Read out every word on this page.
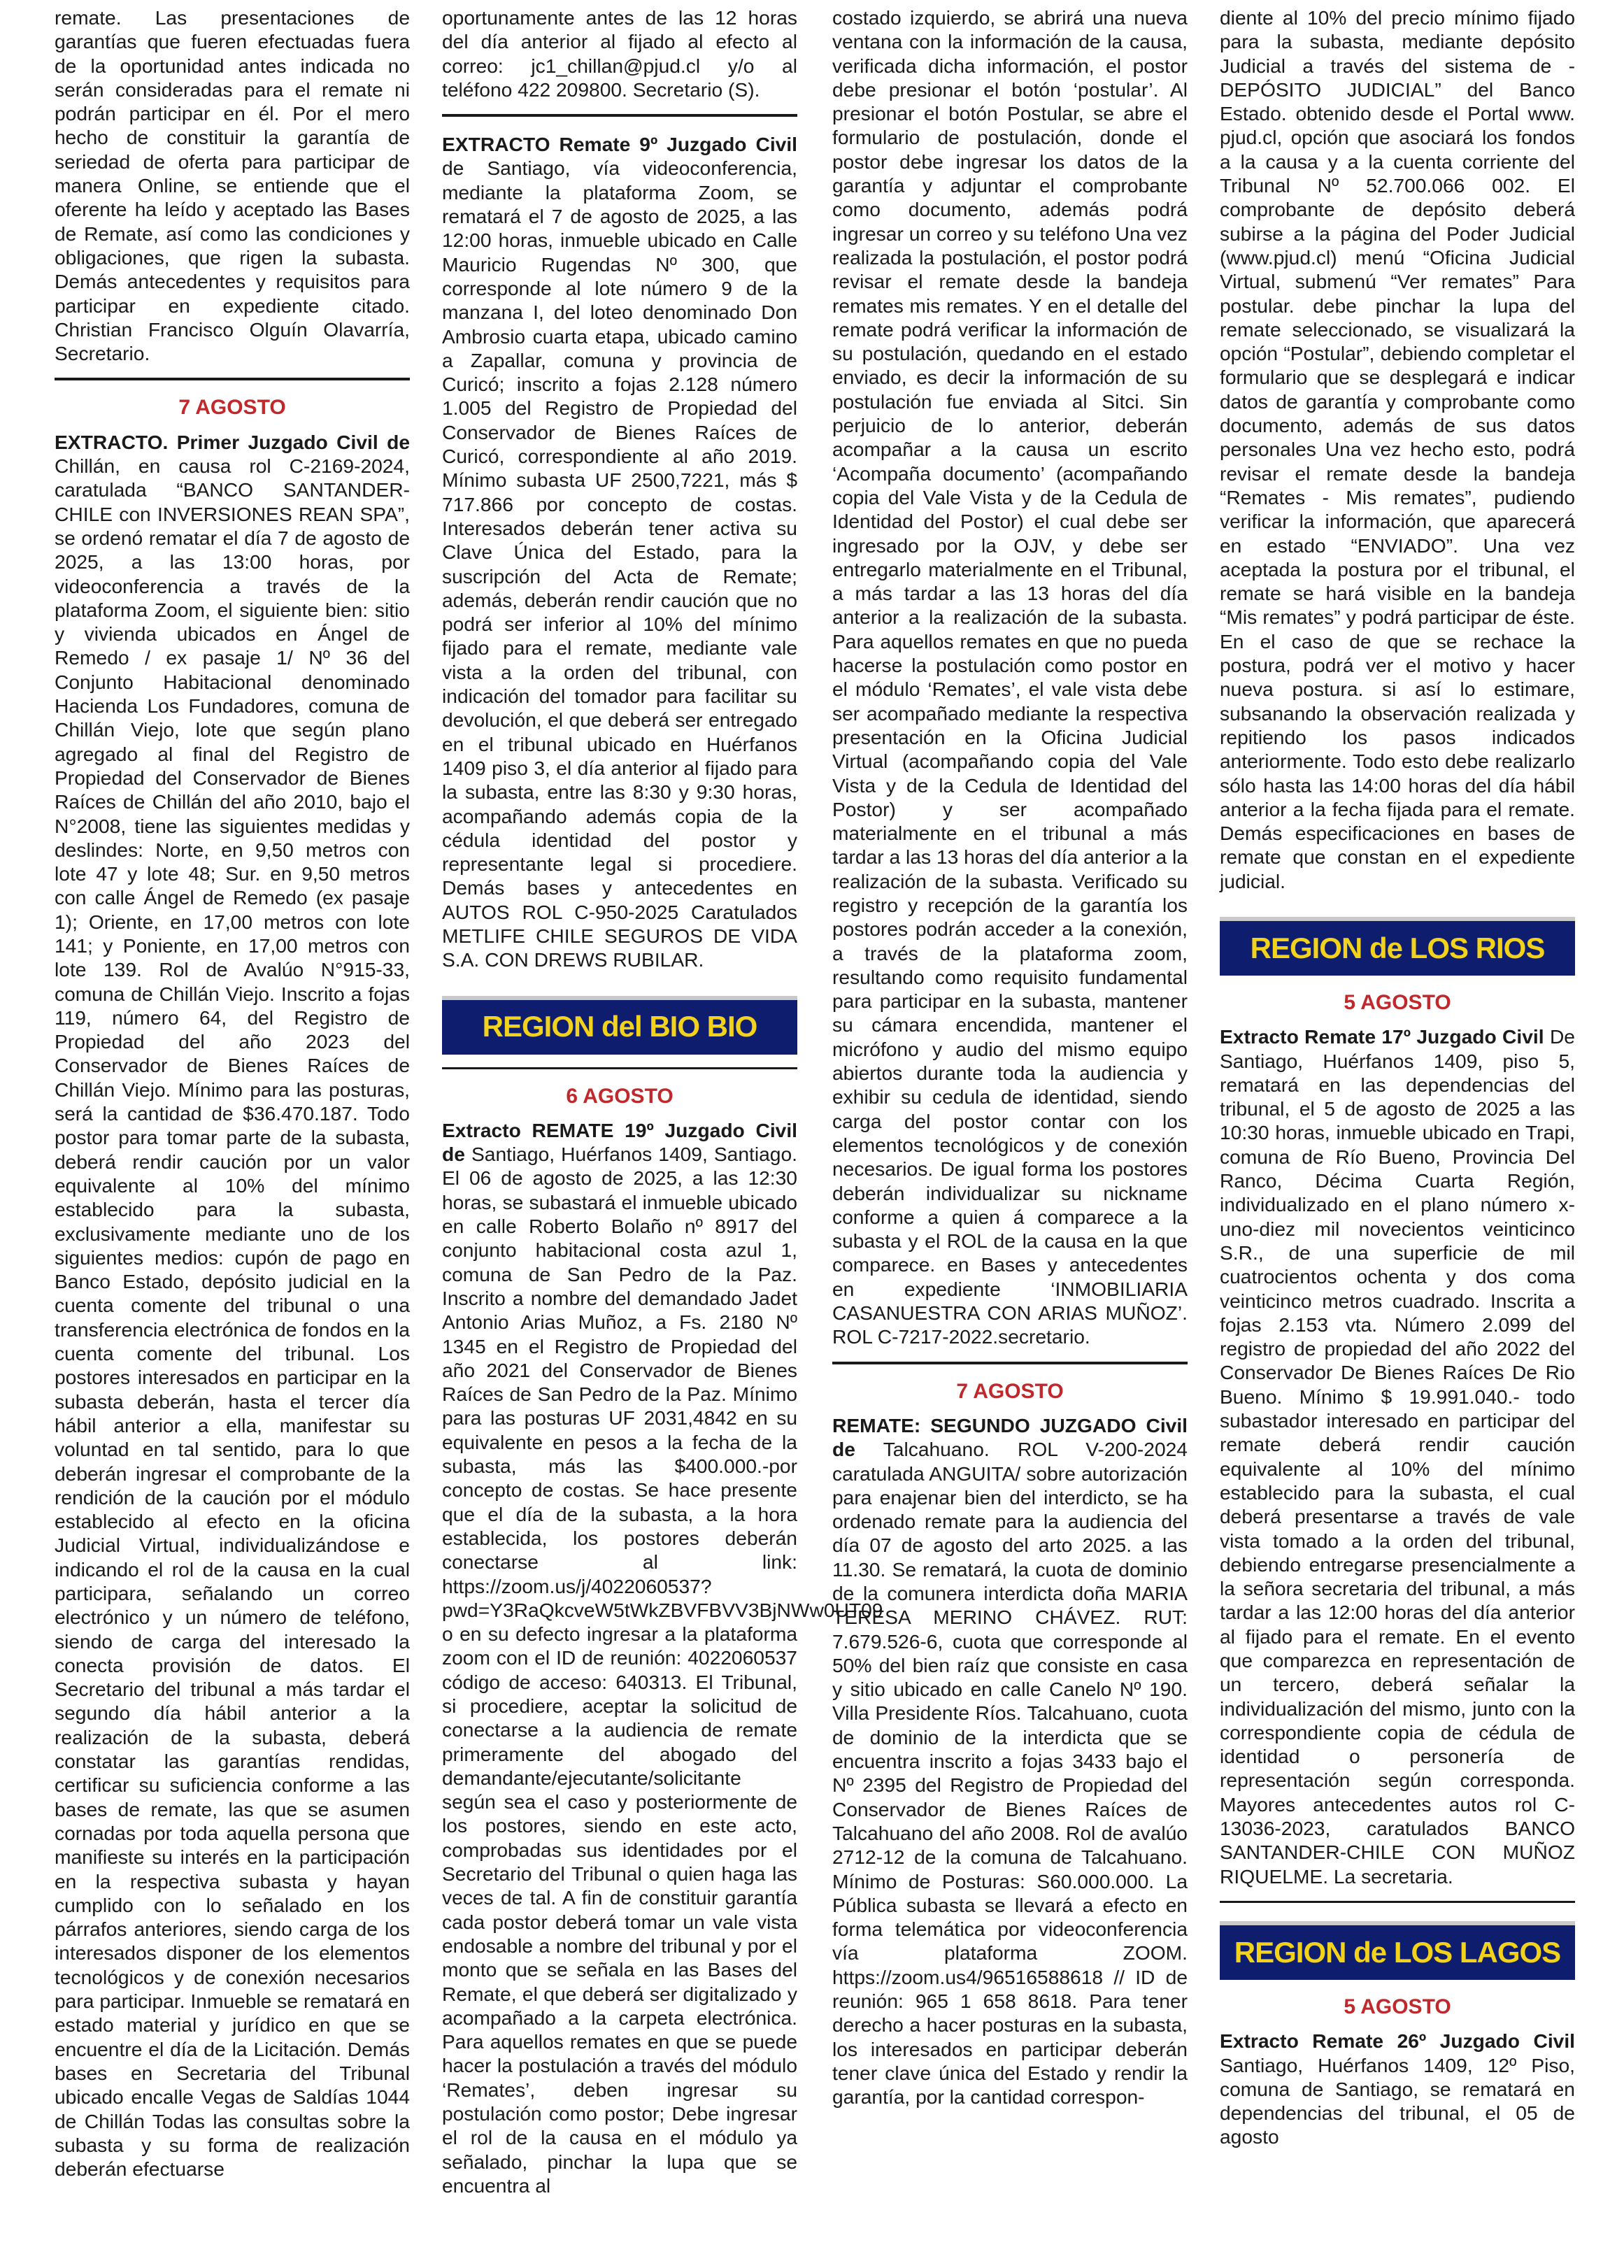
remate. Las presentaciones de garantías que fueren efectuadas fuera de la oportunidad antes indicada no serán consideradas para el remate ni podrán participar en él. Por el mero hecho de constituir la garantía de seriedad de oferta para participar de manera Online, se entiende que el oferente ha leído y aceptado las Bases de Remate, así como las condiciones y obligaciones, que rigen la subasta. Demás antecedentes y requisitos para participar en expediente citado. Christian Francisco Olguín Olavarría, Secretario.

7 AGOSTO

EXTRACTO. Primer Juzgado Civil de Chillán, en causa rol C-2169-2024, caratulada “BANCO SANTANDER- CHILE con INVERSIONES REAN SPA”, se ordenó rematar el día 7 de agosto de 2025, a las 13:00 horas, por videoconferencia a través de la plataforma Zoom, el siguiente bien: sitio y vivienda ubicados en Ángel de Remedo / ex pasaje 1/ Nº 36 del Conjunto Habitacional denominado Hacienda Los Fundadores, comuna de Chillán Viejo, lote que según plano agregado al final del Registro de Propiedad del Conservador de Bienes Raíces de Chillán del año 2010, bajo el N°2008, tiene las siguientes medidas y deslindes: Norte, en 9,50 metros con lote 47 y lote 48; Sur. en 9,50 metros con calle Ángel de Remedo (ex pasaje 1); Oriente, en 17,00 metros con lote 141; y Poniente, en 17,00 metros con lote 139. Rol de Avalúo N°915-33, comuna de Chillán Viejo. Inscrito a fojas 119, número 64, del Registro de Propiedad del año 2023 del Conservador de Bienes Raíces de Chillán Viejo. Mínimo para las posturas, será la cantidad de $36.470.187. Todo postor para tomar parte de la subasta, deberá rendir caución por un valor equivalente al 10% del mínimo establecido para la subasta, exclusivamente mediante uno de los siguientes medios: cupón de pago en Banco Estado, depósito judicial en la cuenta comente del tribunal o una transferencia electrónica de fondos en la cuenta comente del tribunal. Los postores interesados en participar en la subasta deberán, hasta el tercer día hábil anterior a ella, manifestar su voluntad en tal sentido, para lo que deberán ingresar el comprobante de la rendición de la caución por el módulo establecido al efecto en la oficina Judicial Virtual, individualizándose e indicando el rol de la causa en la cual participara, señalando un correo electrónico y un número de teléfono, siendo de carga del interesado la conecta provisión de datos. El Secretario del tribunal a más tardar el segundo día hábil anterior a la realización de la subasta, deberá constatar las garantías rendidas, certificar su suficiencia conforme a las bases de remate, las que se asumen cornadas por toda aquella persona que manifieste su interés en la participación en la respectiva subasta y hayan cumplido con lo señalado en los párrafos anteriores, siendo carga de los interesados disponer de los elementos tecnológicos y de conexión necesarios para participar. Inmueble se rematará en estado material y jurídico en que se encuentre el día de la Licitación. Demás bases en Secretaria del Tribunal ubicado encalle Vegas de Saldías 1044 de Chillán Todas las consultas sobre la subasta y su forma de realización deberán efectuarse

oportunamente antes de las 12 horas del día anterior al fijado al efecto al correo: jc1_chillan@pjud.cl y/o al teléfono 422 209800. Secretario (S).

EXTRACTO Remate 9º Juzgado Civil de Santiago, vía videoconferencia, mediante la plataforma Zoom, se rematará el 7 de agosto de 2025, a las 12:00 horas, inmueble ubicado en Calle Mauricio Rugendas Nº 300, que corresponde al lote número 9 de la manzana I, del loteo denominado Don Ambrosio cuarta etapa, ubicado camino a Zapallar, comuna y provincia de Curicó; inscrito a fojas 2.128 número 1.005 del Registro de Propiedad del Conservador de Bienes Raíces de Curicó, correspondiente al año 2019. Mínimo subasta UF 2500,7221, más $ 717.866 por concepto de costas. Interesados deberán tener activa su Clave Única del Estado, para la suscripción del Acta de Remate; además, deberán rendir caución que no podrá ser inferior al 10% del mínimo fijado para el remate, mediante vale vista a la orden del tribunal, con indicación del tomador para facilitar su devolución, el que deberá ser entregado en el tribunal ubicado en Huérfanos 1409 piso 3, el día anterior al fijado para la subasta, entre las 8:30 y 9:30 horas, acompañando además copia de la cédula identidad del postor y representante legal si procediere. Demás bases y antecedentes en AUTOS ROL C-950-2025 Caratulados METLIFE CHILE SEGUROS DE VIDA S.A. CON DREWS RUBILAR.

REGION del BIO BIO
6 AGOSTO

Extracto REMATE 19º Juzgado Civil de Santiago, Huérfanos 1409, Santiago. El 06 de agosto de 2025, a las 12:30 horas, se subastará el inmueble ubicado en calle Roberto Bolaño nº 8917 del conjunto habitacional costa azul 1, comuna de San Pedro de la Paz. Inscrito a nombre del demandado Jadet Antonio Arias Muñoz, a Fs. 2180 Nº 1345 en el Registro de Propiedad del año 2021 del Conservador de Bienes Raíces de San Pedro de la Paz. Mínimo para las posturas UF 2031,4842 en su equivalente en pesos a la fecha de la subasta, más las $400.000.-por concepto de costas. Se hace presente que el día de la subasta, a la hora establecida, los postores deberán conectarse al link: https://zoom.us/j/4022060537?pwd=Y3RaQkcveW5tWkZBVFBVV3BjNWw0UT09 o en su defecto ingresar a la plataforma zoom con el ID de reunión: 4022060537 código de acceso: 640313. El Tribunal, si procediere, aceptar la solicitud de conectarse a la audiencia de remate primeramente del abogado del demandante/ejecutante/solicitante según sea el caso y posteriormente de los postores, siendo en este acto, comprobadas sus identidades por el Secretario del Tribunal o quien haga las veces de tal. A fin de constituir garantía cada postor deberá tomar un vale vista endosable a nombre del tribunal y por el monto que se señala en las Bases del Remate, el que deberá ser digitalizado y acompañado a la carpeta electrónica. Para aquellos remates en que se puede hacer la postulación a través del módulo ‘Remates’, deben ingresar su postulación como postor; Debe ingresar el rol de la causa en el módulo ya señalado, pinchar la lupa que se encuentra al

costado izquierdo, se abrirá una nueva ventana con la información de la causa, verificada dicha información, el postor debe presionar el botón ‘postular’. Al presionar el botón Postular, se abre el formulario de postulación, donde el postor debe ingresar los datos de la garantía y adjuntar el comprobante como documento, además podrá ingresar un correo y su teléfono Una vez realizada la postulación, el postor podrá revisar el remate desde la bandeja remates mis remates. Y en el detalle del remate podrá verificar la información de su postulación, quedando en el estado enviado, es decir la información de su postulación fue enviada al Sitci. Sin perjuicio de lo anterior, deberán acompañar a la causa un escrito ‘Acompaña documento’ (acompañando copia del Vale Vista y de la Cedula de Identidad del Postor) el cual debe ser ingresado por la OJV, y debe ser entregarlo materialmente en el Tribunal, a más tardar a las 13 horas del día anterior a la realización de la subasta. Para aquellos remates en que no pueda hacerse la postulación como postor en el módulo ‘Remates’, el vale vista debe ser acompañado mediante la respectiva presentación en la Oficina Judicial Virtual (acompañando copia del Vale Vista y de la Cedula de Identidad del Postor) y ser acompañado materialmente en el tribunal a más tardar a las 13 horas del día anterior a la realización de la subasta. Verificado su registro y recepción de la garantía los postores podrán acceder a la conexión, a través de la plataforma zoom, resultando como requisito fundamental para participar en la subasta, mantener su cámara encendida, mantener el micrófono y audio del mismo equipo abiertos durante toda la audiencia y exhibir su cedula de identidad, siendo carga del postor contar con los elementos tecnológicos y de conexión necesarios. De igual forma los postores deberán individualizar su nickname conforme a quien á comparece a la subasta y el ROL de la causa en la que comparece. en Bases y antecedentes en expediente ‘INMOBILIARIA CASANUESTRA CON ARIAS MUÑOZ’. ROL C-7217-2022.secretario.

7 AGOSTO

REMATE: SEGUNDO JUZGADO Civil de Talcahuano. ROL V-200-2024 caratulada ANGUITA/ sobre autorización para enajenar bien del interdicto, se ha ordenado remate para la audiencia del día 07 de agosto del arto 2025. a las 11.30. Se rematará, la cuota de dominio de la comunera interdicta doña MARIA TERESA MERINO CHÁVEZ. RUT: 7.679.526-6, cuota que corresponde al 50% del bien raíz que consiste en casa y sitio ubicado en calle Canelo Nº 190. Villa Presidente Ríos. Talcahuano, cuota de dominio de la interdicta que se encuentra inscrito a fojas 3433 bajo el Nº 2395 del Registro de Propiedad del Conservador de Bienes Raíces de Talcahuano del año 2008. Rol de avalúo 2712-12 de la comuna de Talcahuano. Mínimo de Posturas: S60.000.000. La Pública subasta se llevará a efecto en forma telemática por videoconferencia vía plataforma ZOOM. https://zoom.us4/96516588618 // ID de reunión: 965 1 658 8618. Para tener derecho a hacer posturas en la subasta, los interesados en participar deberán tener clave única del Estado y rendir la garantía, por la cantidad correspon-

diente al 10% del precio mínimo fijado para la subasta, mediante depósito Judicial a través del sistema de -DEPÓSITO JUDICIAL” del Banco Estado. obtenido desde el Portal www. pjud.cl, opción que asociará los fondos a la causa y a la cuenta corriente del Tribunal Nº 52.700.066 002. El comprobante de depósito deberá subirse a la página del Poder Judicial (www.pjud.cl) menú “Oficina Judicial Virtual, submenú “Ver remates” Para postular. debe pinchar la lupa del remate seleccionado, se visualizará la opción “Postular”, debiendo completar el formulario que se desplegará e indicar datos de garantía y comprobante como documento, además de sus datos personales Una vez hecho esto, podrá revisar el remate desde la bandeja “Remates - Mis remates”, pudiendo verificar la información, que aparecerá en estado “ENVIADO”. Una vez aceptada la postura por el tribunal, el remate se hará visible en la bandeja “Mis remates” y podrá participar de éste. En el caso de que se rechace la postura, podrá ver el motivo y hacer nueva postura. si así lo estimare, subsanando la observación realizada y repitiendo los pasos indicados anteriormente. Todo esto debe realizarlo sólo hasta las 14:00 horas del día hábil anterior a la fecha fijada para el remate. Demás especificaciones en bases de remate que constan en el expediente judicial.

REGION de LOS RIOS
5 AGOSTO

Extracto Remate 17º Juzgado Civil De Santiago, Huérfanos 1409, piso 5, rematará en las dependencias del tribunal, el 5 de agosto de 2025 a las 10:30 horas, inmueble ubicado en Trapi, comuna de Río Bueno, Provincia Del Ranco, Décima Cuarta Región, individualizado en el plano número x-uno-diez mil novecientos veinticinco S.R., de una superficie de mil cuatrocientos ochenta y dos coma veinticinco metros cuadrado. Inscrita a fojas 2.153 vta. Número 2.099 del registro de propiedad del año 2022 del Conservador De Bienes Raíces De Rio Bueno. Mínimo $ 19.991.040.- todo subastador interesado en participar del remate deberá rendir caución equivalente al 10% del mínimo establecido para la subasta, el cual deberá presentarse a través de vale vista tomado a la orden del tribunal, debiendo entregarse presencialmente a la señora secretaria del tribunal, a más tardar a las 12:00 horas del día anterior al fijado para el remate. En el evento que comparezca en representación de un tercero, deberá señalar la individualización del mismo, junto con la correspondiente copia de cédula de identidad o personería de representación según corresponda. Mayores antecedentes autos rol C-13036-2023, caratulados BANCO SANTANDER-CHILE CON MUÑOZ RIQUELME. La secretaria.

REGION de LOS LAGOS
5 AGOSTO

Extracto Remate 26º Juzgado Civil Santiago, Huérfanos 1409, 12º Piso, comuna de Santiago, se rematará en dependencias del tribunal, el 05 de agosto
